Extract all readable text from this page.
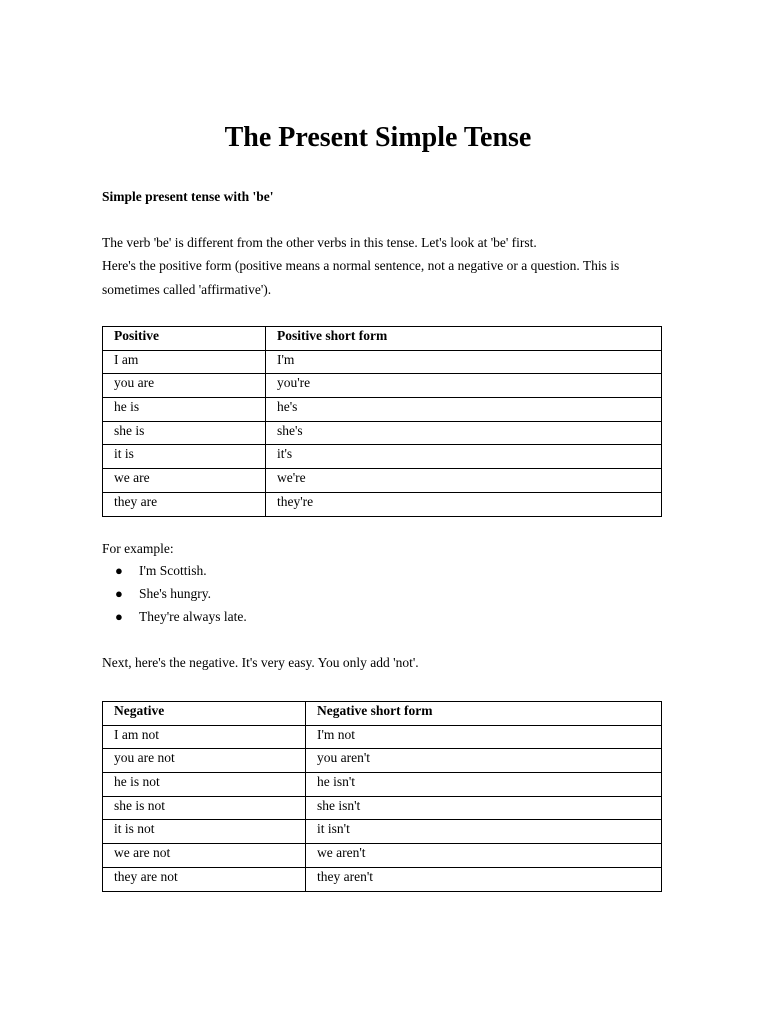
The Present Simple Tense

Simple present tense with 'be'

The verb 'be' is different from the other verbs in this tense. Let's look at 'be' first.

Here's the positive form (positive means a normal sentence, not a negative or a question. This is sometimes called 'affirmative').

Positive	Positive short form
I am	I'm
you are	you're
he is	he's
she is	she's
it is	it's
we are	we're
they are	they're

For example:

● I'm Scottish.
● She's hungry.
● They're always late.

Next, here's the negative. It's very easy. You only add 'not'.

Negative	Negative short form
I am not	I'm not
you are not	you aren't
he is not	he isn't
she is not	she isn't
it is not	it isn't
we are not	we aren't
they are not	they aren't
